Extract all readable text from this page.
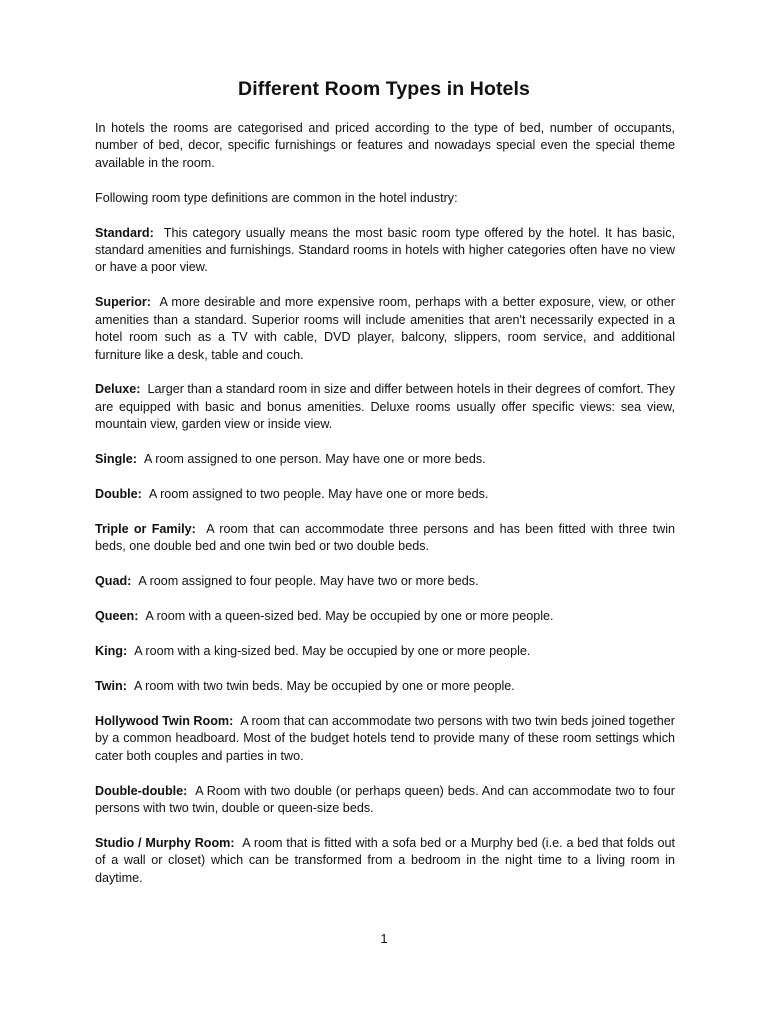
Different Room Types in Hotels

In hotels the rooms are categorised and priced according to the type of bed, number of occupants, number of bed, decor, specific furnishings or features and nowadays special even the special theme available in the room.

Following room type definitions are common in the hotel industry:

Standard: This category usually means the most basic room type offered by the hotel. It has basic, standard amenities and furnishings. Standard rooms in hotels with higher categories often have no view or have a poor view.

Superior: A more desirable and more expensive room, perhaps with a better exposure, view, or other amenities than a standard. Superior rooms will include amenities that aren't necessarily expected in a hotel room such as a TV with cable, DVD player, balcony, slippers, room service, and additional furniture like a desk, table and couch.

Deluxe: Larger than a standard room in size and differ between hotels in their degrees of comfort. They are equipped with basic and bonus amenities. Deluxe rooms usually offer specific views: sea view, mountain view, garden view or inside view.

Single: A room assigned to one person. May have one or more beds.

Double: A room assigned to two people. May have one or more beds.

Triple or Family: A room that can accommodate three persons and has been fitted with three twin beds, one double bed and one twin bed or two double beds.

Quad: A room assigned to four people. May have two or more beds.

Queen: A room with a queen-sized bed. May be occupied by one or more people.

King: A room with a king-sized bed. May be occupied by one or more people.

Twin: A room with two twin beds. May be occupied by one or more people.

Hollywood Twin Room: A room that can accommodate two persons with two twin beds joined together by a common headboard. Most of the budget hotels tend to provide many of these room settings which cater both couples and parties in two.

Double-double: A Room with two double (or perhaps queen) beds. And can accommodate two to four persons with two twin, double or queen-size beds.

Studio / Murphy Room: A room that is fitted with a sofa bed or a Murphy bed (i.e. a bed that folds out of a wall or closet) which can be transformed from a bedroom in the night time to a living room in daytime.

1
